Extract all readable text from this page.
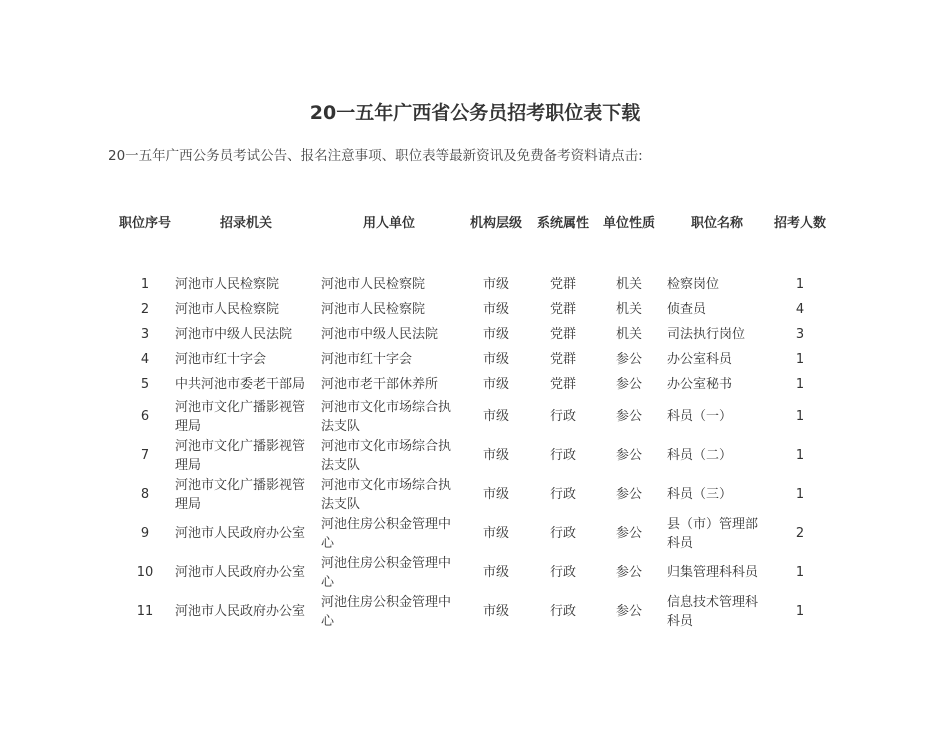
20一五年广西省公务员招考职位表下载
20一五年广西公务员考试公告、报名注意事项、职位表等最新资讯及免费备考资料请点击:
职位序号	招录机关	用人单位	机构层级	系统属性	单位性质	职位名称	招考人数

1	河池市人民检察院	河池市人民检察院	市级	党群	机关	检察岗位	1
2	河池市人民检察院	河池市人民检察院	市级	党群	机关	侦查员	4
3	河池市中级人民法院	河池市中级人民法院	市级	党群	机关	司法执行岗位	3
4	河池市红十字会	河池市红十字会	市级	党群	参公	办公室科员	1
5	中共河池市委老干部局	河池市老干部休养所	市级	党群	参公	办公室秘书	1
6	河池市文化广播影视管理局	河池市文化市场综合执法支队	市级	行政	参公	科员（一）	1
7	河池市文化广播影视管理局	河池市文化市场综合执法支队	市级	行政	参公	科员（二）	1
8	河池市文化广播影视管理局	河池市文化市场综合执法支队	市级	行政	参公	科员（三）	1
9	河池市人民政府办公室	河池住房公积金管理中心	市级	行政	参公	县（市）管理部科员	2
10	河池市人民政府办公室	河池住房公积金管理中心	市级	行政	参公	归集管理科科员	1
11	河池市人民政府办公室	河池住房公积金管理中心	市级	行政	参公	信息技术管理科科员	1
